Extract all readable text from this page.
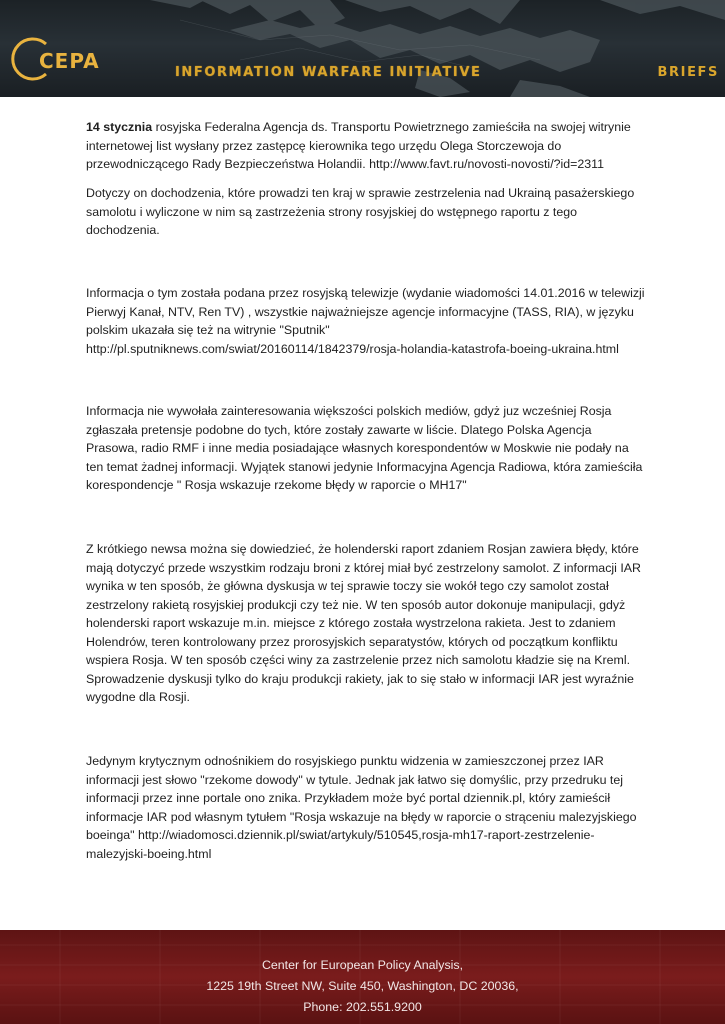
CEPA	INFORMATION WARFARE INITIATIVE	BRIEFS

14 stycznia rosyjska Federalna Agencja ds. Transportu Powietrznego zamieściła na swojej witrynie internetowej list wysłany przez zastępcę kierownika tego urzędu Olega Storczewoja do przewodniczącego Rady Bezpieczeństwa Holandii. http://www.favt.ru/novosti-novosti/?id=2311

Dotyczy on dochodzenia, które prowadzi ten kraj w sprawie zestrzelenia nad Ukrainą pasażerskiego samolotu i wyliczone w nim są zastrzeżenia strony rosyjskiej do wstępnego raportu z tego dochodzenia.

Informacja o tym została podana przez rosyjską telewizje (wydanie wiadomości 14.01.2016 w telewizji Pierwyj Kanał, NTV, Ren TV) , wszystkie najważniejsze agencje informacyjne (TASS, RIA), w języku polskim ukazała się też na witrynie "Sputnik" http://pl.sputniknews.com/swiat/20160114/1842379/rosja-holandia-katastrofa-boeing-ukraina.html

Informacja nie wywołała zainteresowania większości polskich mediów, gdyż juz wcześniej Rosja zgłaszała pretensje podobne do tych, które zostały zawarte w liście. Dlatego Polska Agencja Prasowa, radio RMF i inne media posiadające własnych korespondentów w Moskwie nie podały na ten temat żadnej informacji. Wyjątek stanowi jedynie Informacyjna Agencja Radiowa, która zamieściła korespondencje " Rosja wskazuje rzekome błędy w raporcie o MH17"

Z krótkiego newsa można się dowiedzieć, że holenderski raport zdaniem Rosjan zawiera błędy, które mają dotyczyć przede wszystkim rodzaju broni z której miał być zestrzelony samolot. Z informacji IAR wynika w ten sposób, że główna dyskusja w tej sprawie toczy sie wokół tego czy samolot został zestrzelony rakietą rosyjskiej produkcji czy też nie. W ten sposób autor dokonuje manipulacji, gdyż holenderski raport wskazuje m.in. miejsce z którego została wystrzelona rakieta. Jest to zdaniem Holendrów, teren kontrolowany przez prorosyjskich separatystów, których od początkum konfliktu wspiera Rosja. W ten sposób części winy za zastrzelenie przez nich samolotu kładzie się na Kreml. Sprowadzenie dyskusji tylko do kraju produkcji rakiety, jak to się stało w informacji IAR jest wyraźnie wygodne dla Rosji.

Jedynym krytycznym odnośnikiem do rosyjskiego punktu widzenia w zamieszczonej przez IAR informacji jest słowo "rzekome dowody" w tytule. Jednak jak łatwo się domyślic, przy przedruku tej informacji przez inne portale ono znika. Przykładem może być portal dziennik.pl, który zamieścił informacje IAR pod własnym tytułem "Rosja wskazuje na błędy w raporcie o strąceniu malezyjskiego boeinga" http://wiadomosci.dziennik.pl/swiat/artykuly/510545,rosja-mh17-raport-zestrzelenie-malezyjski-boeing.html

Center for European Policy Analysis,
1225 19th Street NW, Suite 450, Washington, DC 20036,
Phone: 202.551.9200
